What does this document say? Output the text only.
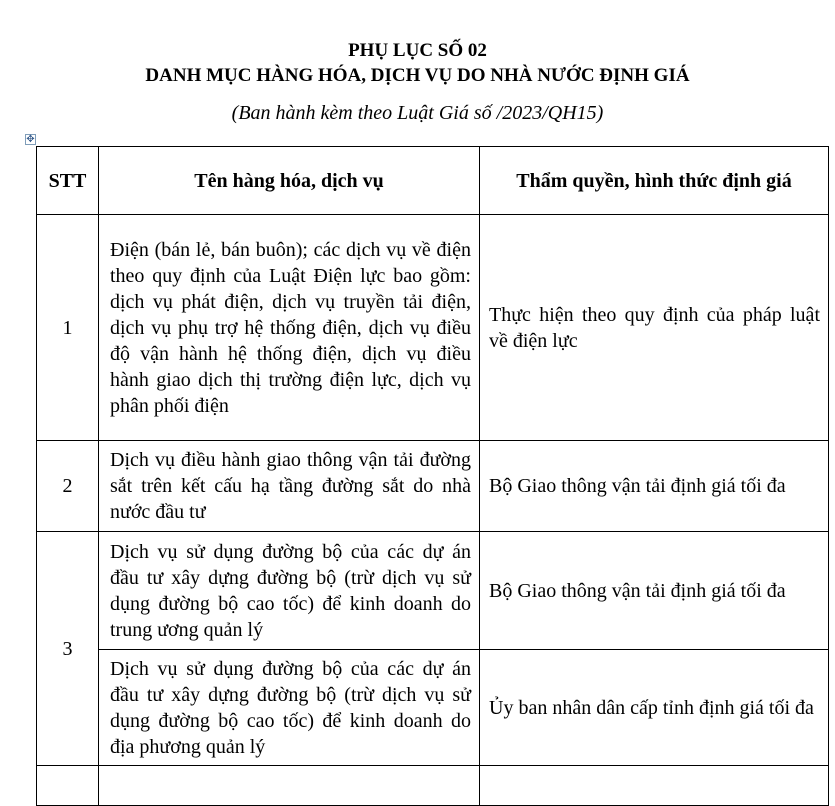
PHỤ LỤC SỐ 02
DANH MỤC HÀNG HÓA, DỊCH VỤ DO NHÀ NƯỚC ĐỊNH GIÁ
(Ban hành kèm theo Luật Giá số /2023/QH15)
✥
STT	Tên hàng hóa, dịch vụ	Thẩm quyền, hình thức định giá
1	Điện (bán lẻ, bán buôn); các dịch vụ về điện theo quy định của Luật Điện lực bao gồm: dịch vụ phát điện, dịch vụ truyền tải điện, dịch vụ phụ trợ hệ thống điện, dịch vụ điều độ vận hành hệ thống điện, dịch vụ điều hành giao dịch thị trường điện lực, dịch vụ phân phối điện	Thực hiện theo quy định của pháp luật về điện lực
2	Dịch vụ điều hành giao thông vận tải đường sắt trên kết cấu hạ tầng đường sắt do nhà nước đầu tư	Bộ Giao thông vận tải định giá tối đa
3	Dịch vụ sử dụng đường bộ của các dự án đầu tư xây dựng đường bộ (trừ dịch vụ sử dụng đường bộ cao tốc) để kinh doanh do trung ương quản lý	Bộ Giao thông vận tải định giá tối đa
	Dịch vụ sử dụng đường bộ của các dự án đầu tư xây dựng đường bộ (trừ dịch vụ sử dụng đường bộ cao tốc) để kinh doanh do địa phương quản lý	Ủy ban nhân dân cấp tỉnh định giá tối đa
